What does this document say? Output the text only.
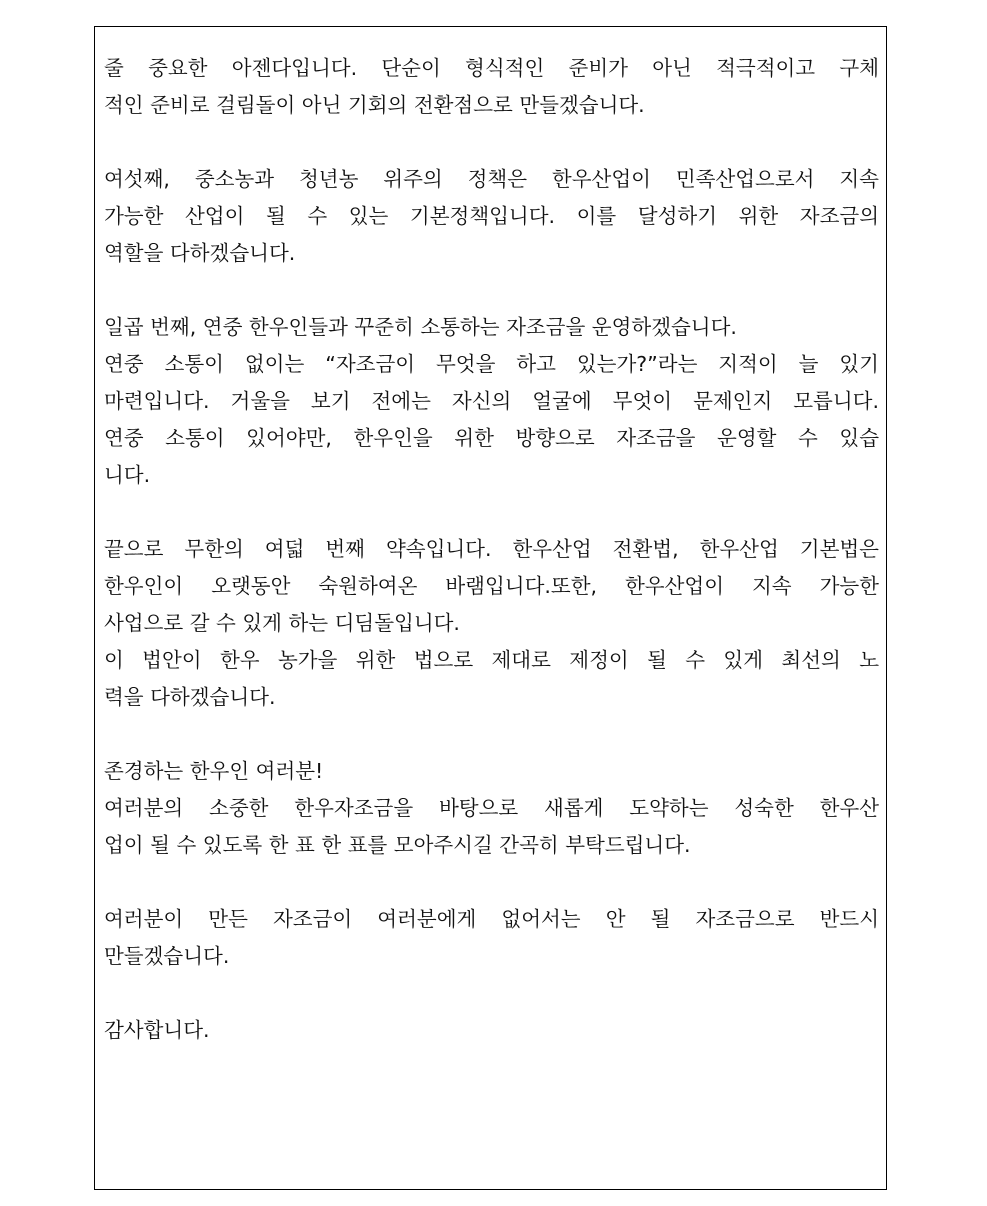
줄 중요한 아젠다입니다. 단순이 형식적인 준비가 아닌 적극적이고 구체
적인 준비로 걸림돌이 아닌 기회의 전환점으로 만들겠습니다.
여섯째, 중소농과 청년농 위주의 정책은 한우산업이 민족산업으로서 지속
가능한 산업이 될 수 있는 기본정책입니다. 이를 달성하기 위한 자조금의
역할을 다하겠습니다.
일곱 번째, 연중 한우인들과 꾸준히 소통하는 자조금을 운영하겠습니다.
연중 소통이 없이는 “자조금이 무엇을 하고 있는가?”라는 지적이 늘 있기
마련입니다. 거울을 보기 전에는 자신의 얼굴에 무엇이 문제인지 모릅니다.
연중 소통이 있어야만, 한우인을 위한 방향으로 자조금을 운영할 수 있습
니다.
끝으로 무한의 여덟 번째 약속입니다. 한우산업 전환법, 한우산업 기본법은
한우인이 오랫동안 숙원하여온 바램입니다.또한, 한우산업이 지속 가능한
사업으로 갈 수 있게 하는 디딤돌입니다.
이 법안이 한우 농가을 위한 법으로 제대로 제정이 될 수 있게 최선의 노
력을 다하겠습니다.
존경하는 한우인 여러분!
여러분의 소중한 한우자조금을 바탕으로 새롭게 도약하는 성숙한 한우산
업이 될 수 있도록 한 표 한 표를 모아주시길 간곡히 부탁드립니다.
여러분이 만든 자조금이 여러분에게 없어서는 안 될 자조금으로 반드시
만들겠습니다.
감사합니다.
